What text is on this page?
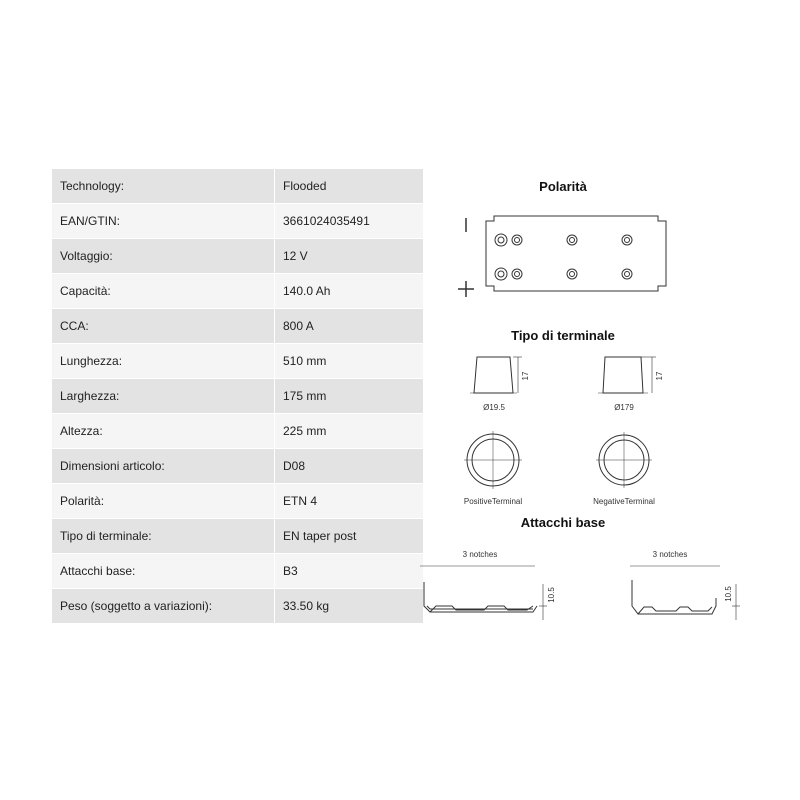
Technology:	Flooded
EAN/GTIN:	3661024035491
Voltaggio:	12 V
Capacità:	140.0 Ah
CCA:	800 A
Lunghezza:	510 mm
Larghezza:	175 mm
Altezza:	225 mm
Dimensioni articolo:	D08
Polarità:	ETN 4
Tipo di terminale:	EN taper post
Attacchi base:	B3
Peso (soggetto a variazioni):	33.50 kg
Polarità
Tipo di terminale
Attacchi base
17
Ø19.5
17
Ø179
PositiveTerminal	NegativeTerminal
3 notches
10.5
3 notches
10.5
